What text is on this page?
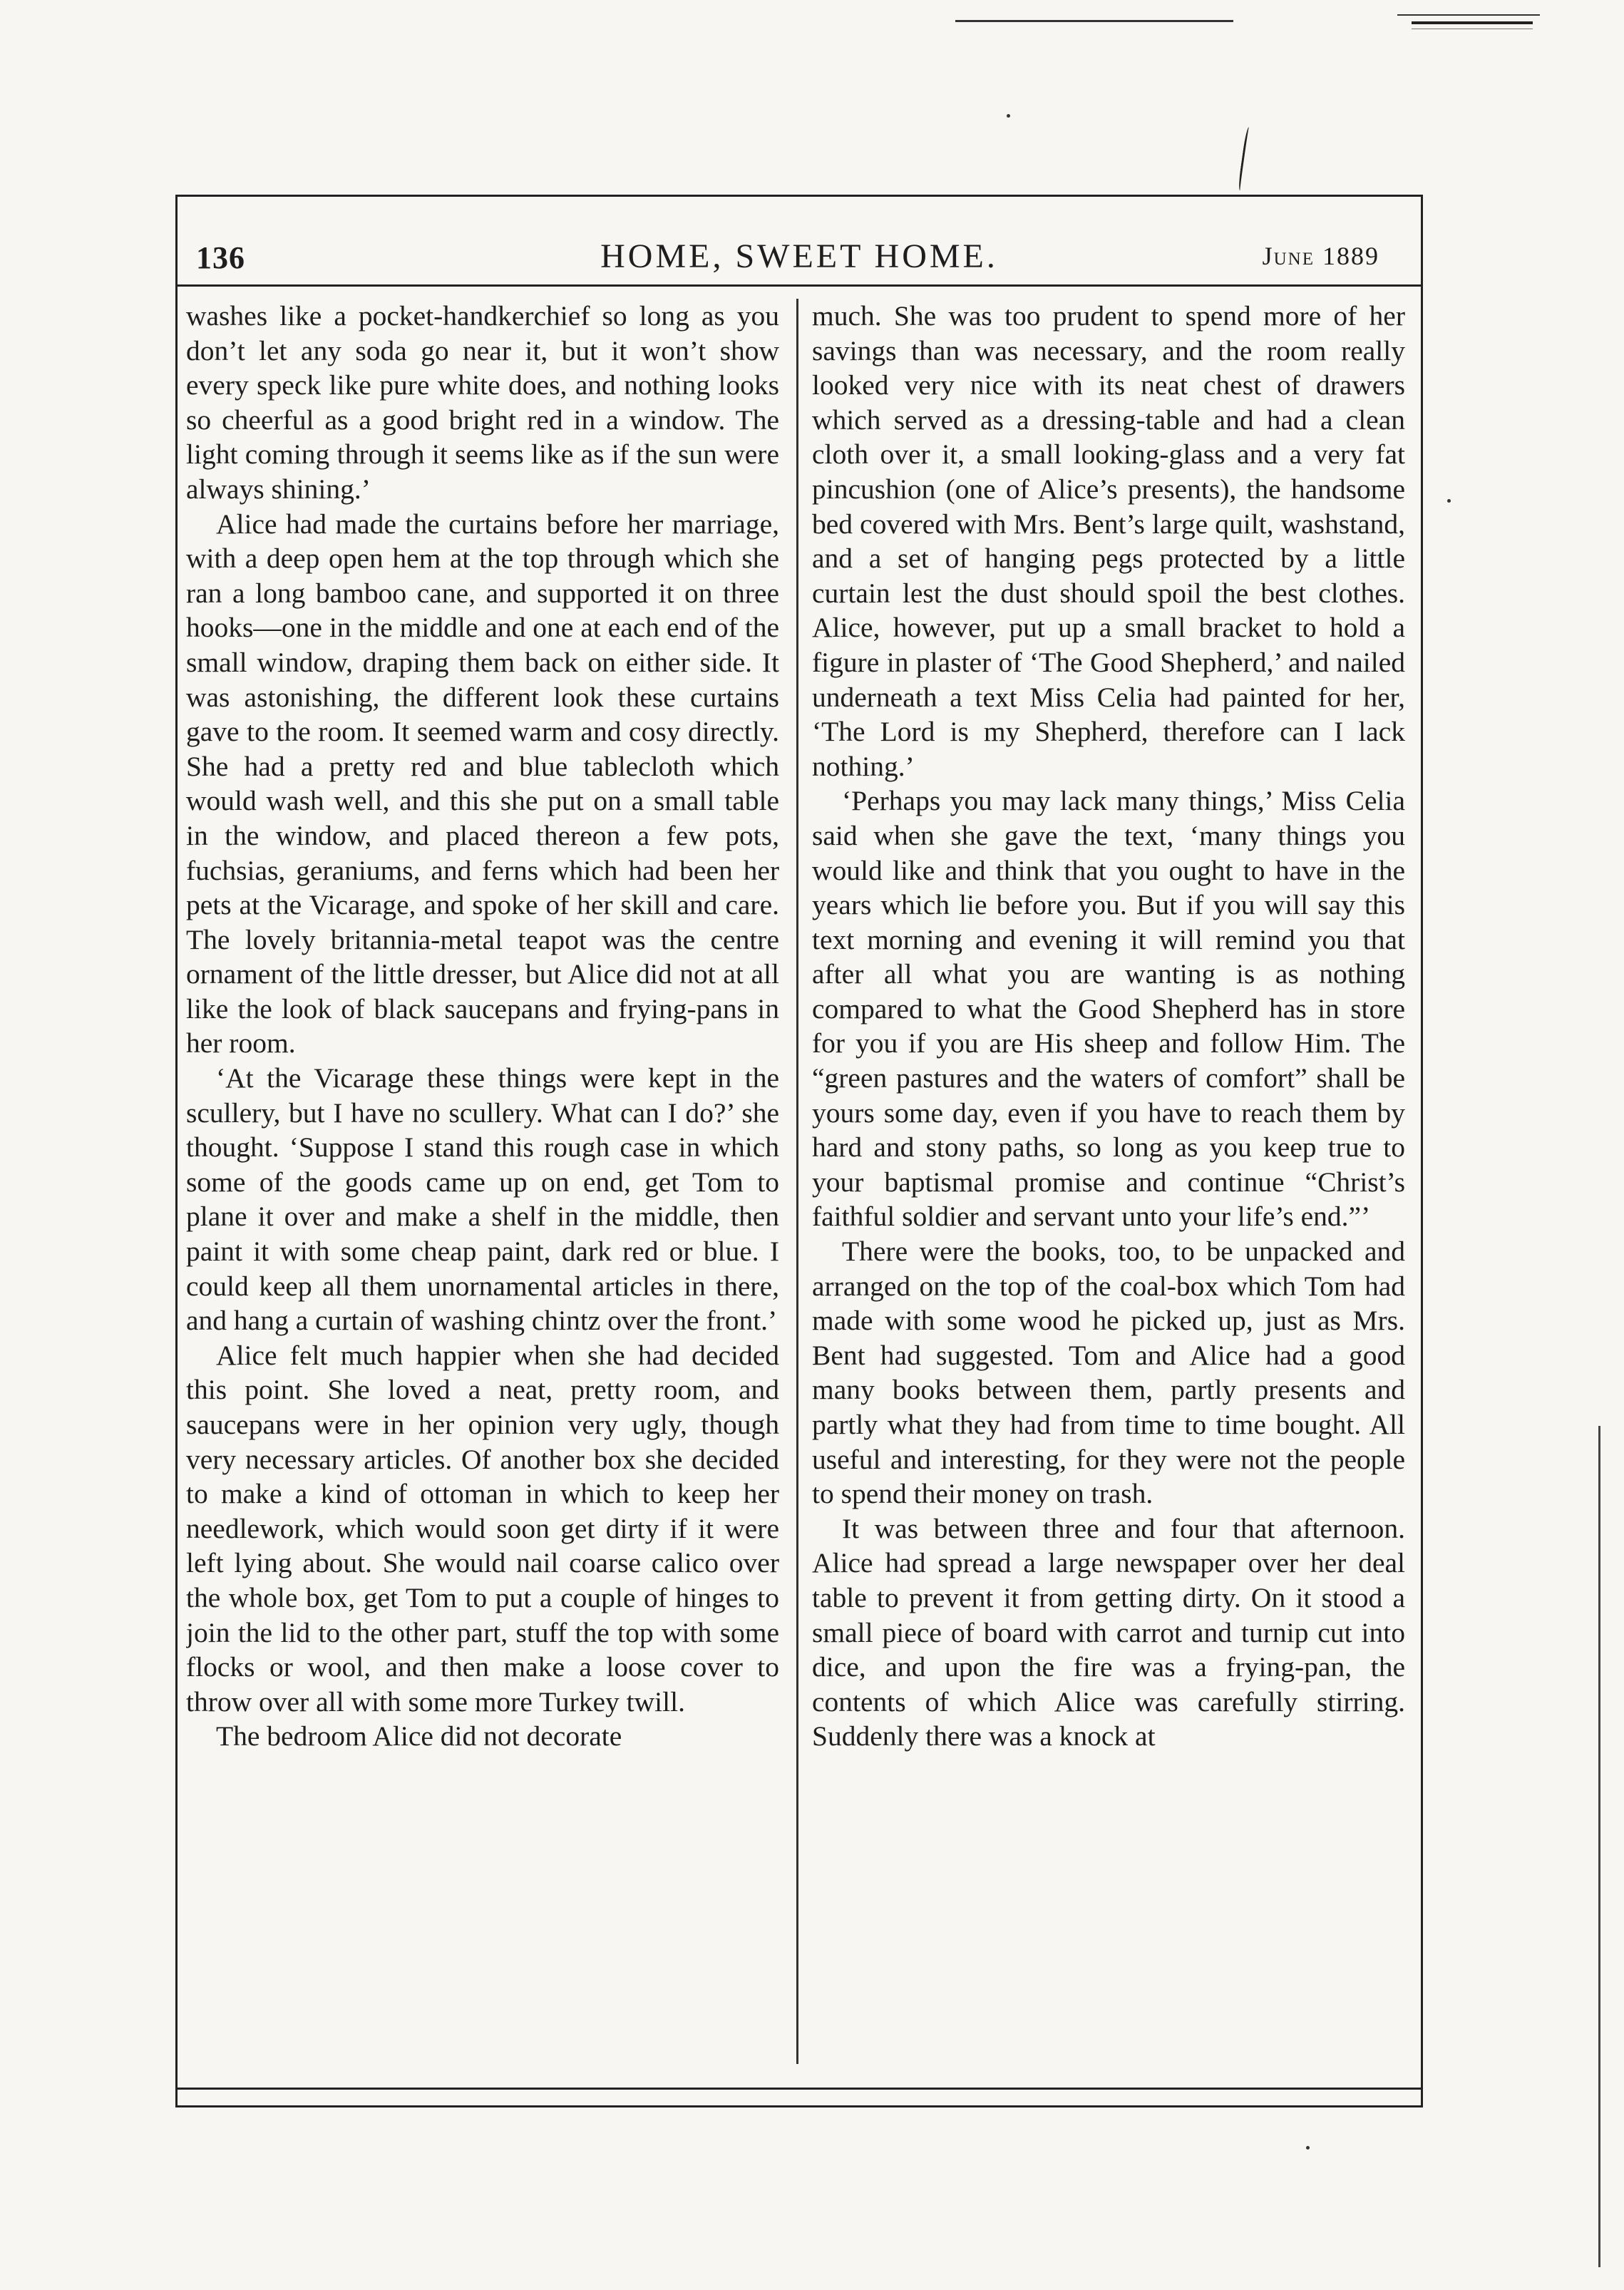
136	HOME, SWEET HOME.	June 1889

washes like a pocket-handkerchief so long as you don’t let any soda go near it, but it won’t show every speck like pure white does, and nothing looks so cheerful as a good bright red in a window. The light coming through it seems like as if the sun were always shining.’

Alice had made the curtains before her marriage, with a deep open hem at the top through which she ran a long bamboo cane, and supported it on three hooks—one in the middle and one at each end of the small window, draping them back on either side. It was astonishing, the different look these curtains gave to the room. It seemed warm and cosy directly. She had a pretty red and blue tablecloth which would wash well, and this she put on a small table in the window, and placed thereon a few pots, fuchsias, geraniums, and ferns which had been her pets at the Vicarage, and spoke of her skill and care. The lovely britannia-metal teapot was the centre ornament of the little dresser, but Alice did not at all like the look of black saucepans and frying-pans in her room.

‘At the Vicarage these things were kept in the scullery, but I have no scullery. What can I do?’ she thought. ‘Suppose I stand this rough case in which some of the goods came up on end, get Tom to plane it over and make a shelf in the middle, then paint it with some cheap paint, dark red or blue. I could keep all them unornamental articles in there, and hang a curtain of washing chintz over the front.’

Alice felt much happier when she had decided this point. She loved a neat, pretty room, and saucepans were in her opinion very ugly, though very necessary articles. Of another box she decided to make a kind of ottoman in which to keep her needlework, which would soon get dirty if it were left lying about. She would nail coarse calico over the whole box, get Tom to put a couple of hinges to join the lid to the other part, stuff the top with some flocks or wool, and then make a loose cover to throw over all with some more Turkey twill.

The bedroom Alice did not decorate

much. She was too prudent to spend more of her savings than was necessary, and the room really looked very nice with its neat chest of drawers which served as a dressing-table and had a clean cloth over it, a small looking-glass and a very fat pincushion (one of Alice’s presents), the handsome bed covered with Mrs. Bent’s large quilt, washstand, and a set of hanging pegs protected by a little curtain lest the dust should spoil the best clothes. Alice, however, put up a small bracket to hold a figure in plaster of ‘The Good Shepherd,’ and nailed underneath a text Miss Celia had painted for her, ‘The Lord is my Shepherd, therefore can I lack nothing.’

‘Perhaps you may lack many things,’ Miss Celia said when she gave the text, ‘many things you would like and think that you ought to have in the years which lie before you. But if you will say this text morning and evening it will remind you that after all what you are wanting is as nothing compared to what the Good Shepherd has in store for you if you are His sheep and follow Him. The “green pastures and the waters of comfort” shall be yours some day, even if you have to reach them by hard and stony paths, so long as you keep true to your baptismal promise and continue “Christ’s faithful soldier and servant unto your life’s end.”’

There were the books, too, to be unpacked and arranged on the top of the coal-box which Tom had made with some wood he picked up, just as Mrs. Bent had suggested. Tom and Alice had a good many books between them, partly presents and partly what they had from time to time bought. All useful and interesting, for they were not the people to spend their money on trash.

It was between three and four that afternoon. Alice had spread a large newspaper over her deal table to prevent it from getting dirty. On it stood a small piece of board with carrot and turnip cut into dice, and upon the fire was a frying-pan, the contents of which Alice was carefully stirring. Suddenly there was a knock at
